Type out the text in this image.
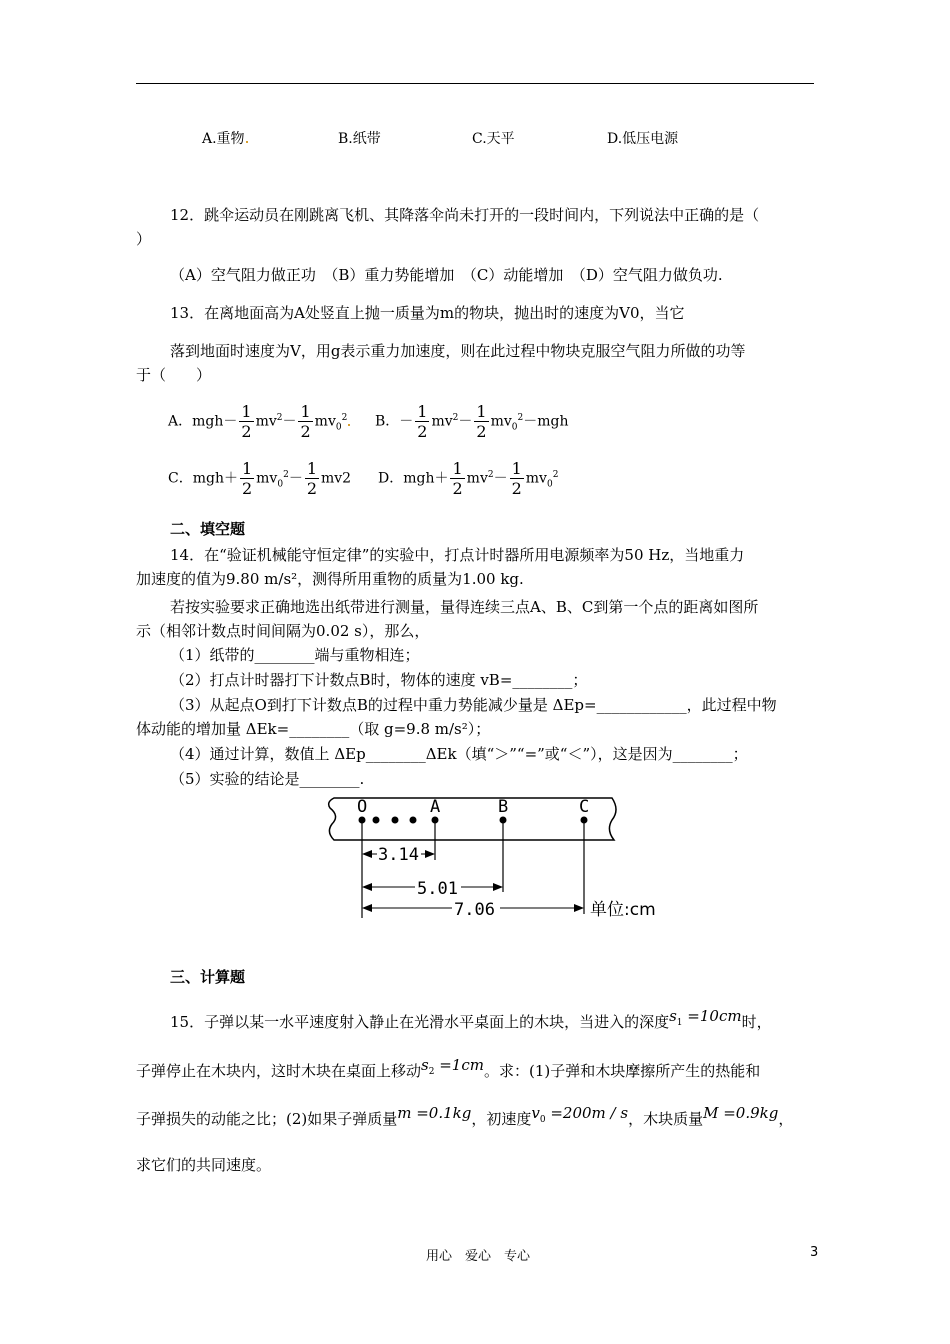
A.重物	B.纸带	C.天平	D.低压电源
12．跳伞运动员在刚跳离飞机、其降落伞尚未打开的一段时间内，下列说法中正确的是（
）
（A）空气阻力做正功　（B）重力势能增加　（C）动能增加　（D）空气阻力做负功.
13．在离地面高为A处竖直上抛一质量为m的物块，抛出时的速度为V0，当它
落到地面时速度为V，用g表示重力加速度，则在此过程中物块克服空气阻力所做的功等
于（　　）
A．$mgh- \frac{1}{2} mv^2- \frac{1}{2} mv_0^2$ B．－ $\frac{1}{2} mv^2- \frac{1}{2} mv_0^2-mgh$
C．$mgh+ \frac{1}{2} mv_0^2- \frac{1}{2} mv2$ D．$mgh+ \frac{1}{2} mv^2- \frac{1}{2} mv_0^2$
二、填空题
14．在“验证机械能守恒定律”的实验中，打点计时器所用电源频率为50 Hz，当地重力
加速度的值为9.80 m/s²，测得所用重物的质量为1.00 kg.
若按实验要求正确地选出纸带进行测量，量得连续三点A、B、C到第一个点的距离如图所
示（相邻计数点时间间隔为0.02 s），那么，
（1）纸带的________端与重物相连；
（2）打点计时器打下计数点B时，物体的速度 vB=________；
（3）从起点O到打下计数点B的过程中重力势能减少量是 ΔEp=____________，此过程中物
体动能的增加量 ΔEk=________（取 g=9.8 m/s²）；
（4）通过计算，数值上 ΔEp________ΔEk（填“＞”“=”或“＜”），这是因为________；
（5）实验的结论是________.
O	A	B	C
3.14
5.01
7.06	单位:cm
三、计算题
15．子弹以某一水平速度射入静止在光滑水平桌面上的木块，当进入的深度$s_1 =10cm$时，
子弹停止在木块内，这时木块在桌面上移动$s_2 =1cm$。求：(1)子弹和木块摩擦所产生的热能和
子弹损失的动能之比；(2)如果子弹质量m =0.1kg，初速度$v_0 =200m / s$，木块质量M =0.9kg，
求它们的共同速度。
用心　爱心　专心	3
